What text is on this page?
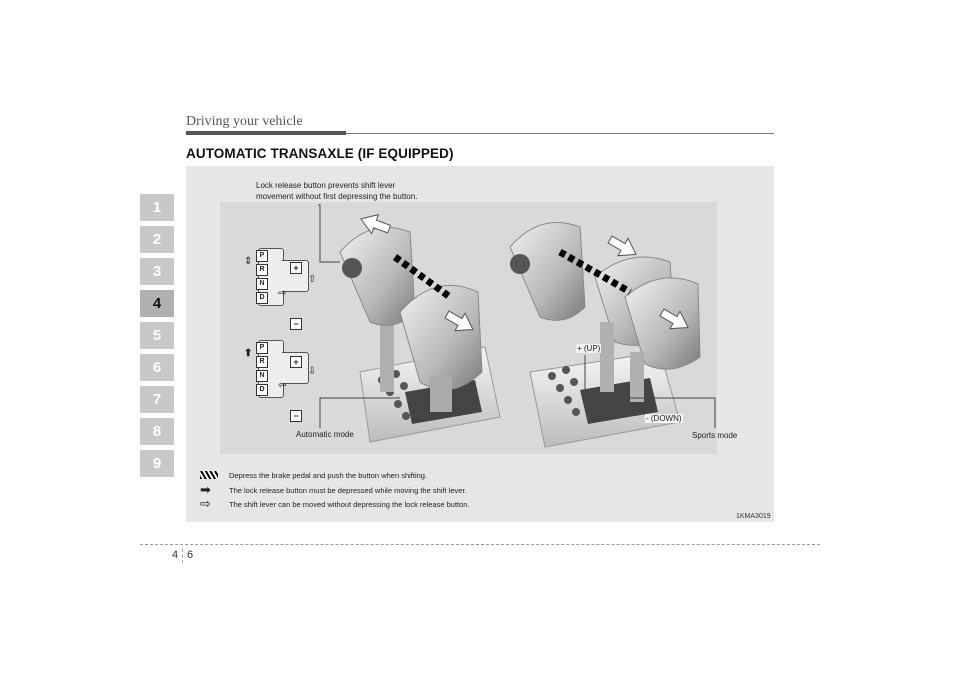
Driving your vehicle
AUTOMATIC TRANSAXLE (IF EQUIPPED)
1
2
3
4
5
6
7
8
9
Lock release button prevents shift lever
movement without first depressing the button.
Automatic mode	Sports mode
+ (UP)
- (DOWN)
P
R
N
D
+
−
⇕
⇧
⇨
P
R
N
D
+
−
⬆
⇩
⇦
Depress the brake pedal and push the button when shifting.
➡ The lock release button must be depressed while moving the shift lever.
⇨ The shift lever can be moved without depressing the lock release button.
1KMA3019
4 6
